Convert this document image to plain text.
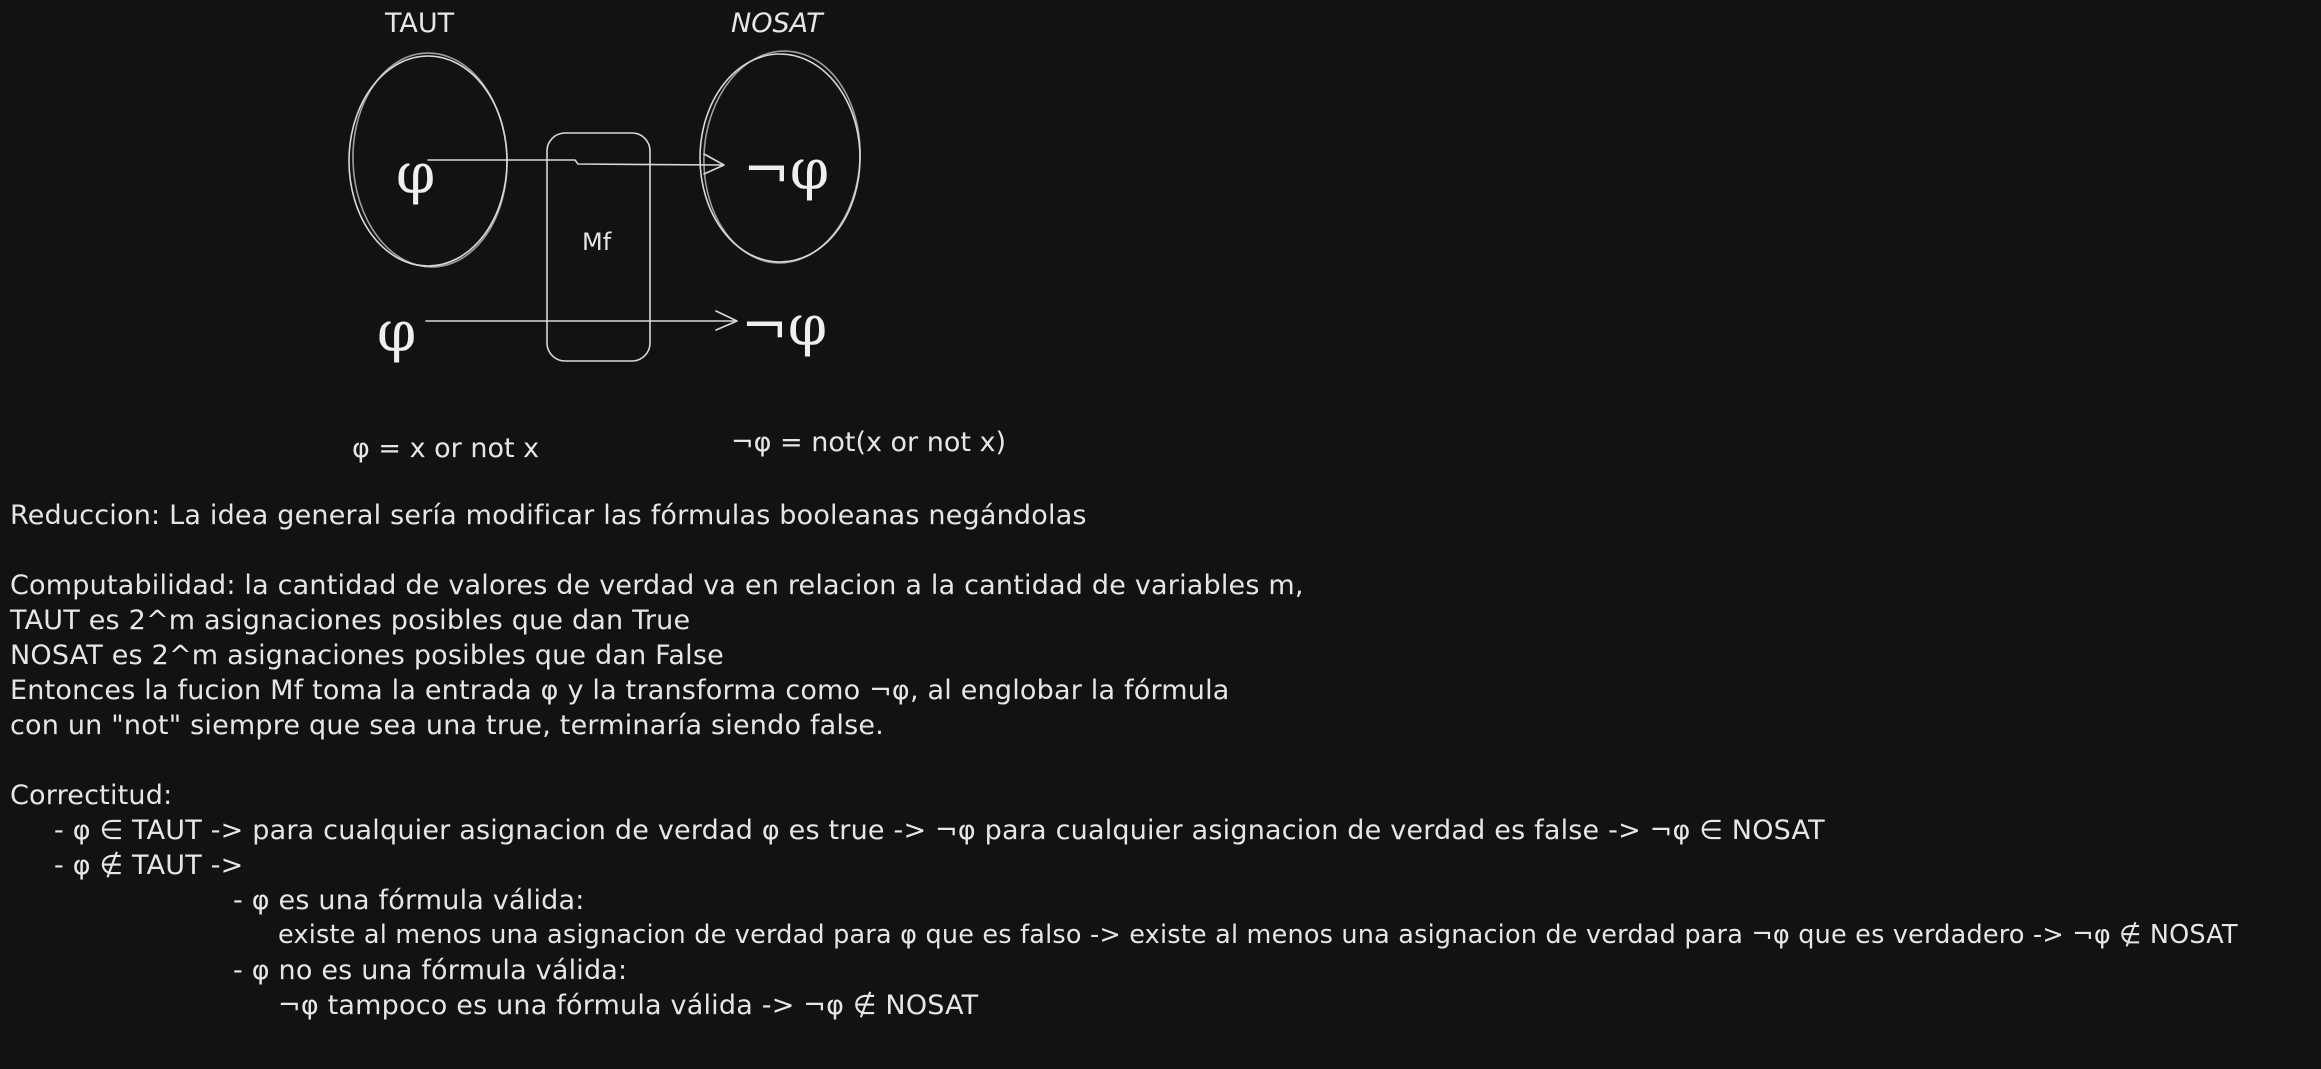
TAUT	NOSAT
φ	¬φ
Mf
φ	¬φ
φ = x or not x	¬φ = not(x or not x)
Reduccion: La idea general sería modificar las fórmulas booleanas negándolas
Computabilidad: la cantidad de valores de verdad va en relacion a la cantidad de variables m,
TAUT es 2^m asignaciones posibles que dan True
NOSAT es 2^m asignaciones posibles que dan False
Entonces la fucion Mf toma la entrada φ y la transforma como ¬φ, al englobar la fórmula
con un "not" siempre que sea una true, terminaría siendo false.
Correctitud:
- φ ∈ TAUT -> para cualquier asignacion de verdad φ es true -> ¬φ para cualquier asignacion de verdad es false -> ¬φ ∈ NOSAT
- φ ∉ TAUT ->
- φ es una fórmula válida:
existe al menos una asignacion de verdad para φ que es falso -> existe al menos una asignacion de verdad para ¬φ que es verdadero -> ¬φ ∉ NOSAT
- φ no es una fórmula válida:
¬φ tampoco es una fórmula válida -> ¬φ ∉ NOSAT
